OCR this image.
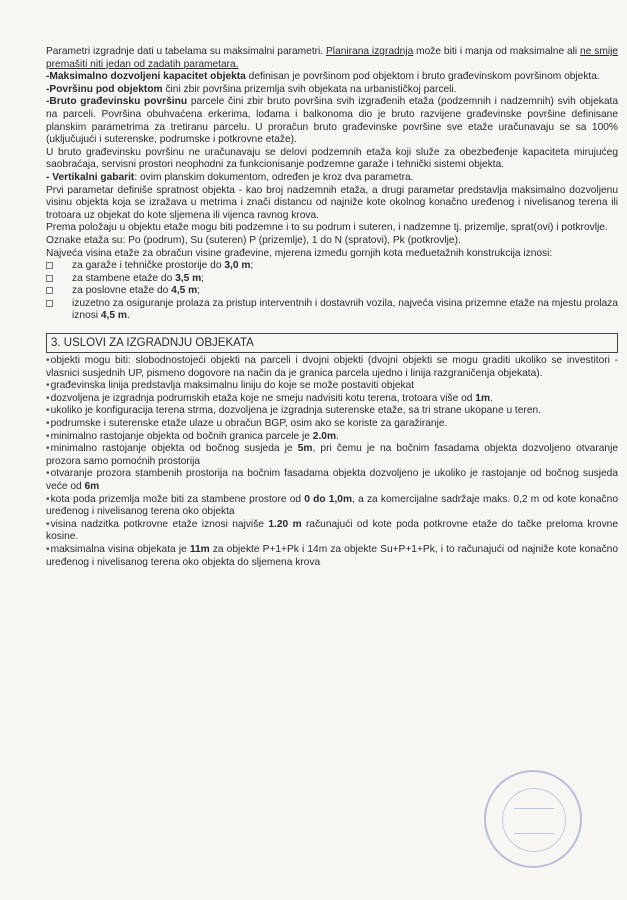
Parametri izgradnje dati u tabelama su maksimalni parametri. Planirana izgradnja može biti i manja od maksimalne ali ne smije premašiti niti jedan od zadatih parametara.

-Maksimalno dozvoljeni kapacitet objekta definisan je površinom pod objektom i bruto građevinskom površinom objekta.

-Površinu pod objektom čini zbir površina prizemlja svih objekata na urbanističkoj parceli.

-Bruto građevinsku površinu parcele čini zbir bruto površina svih izgrađenih etaža (podzemnih i nadzemnih) svih objekata na parceli. Površina obuhvaćena erkerima, lođama i balkonoma dio je bruto razvijene građevinske površine definisane planskim parametrima za tretiranu parcelu. U proračun bruto građevinske površine sve etaže uračunavaju se sa 100% (uključujući i suterenske, podrumske i potkrovne etaže).

U bruto građevinsku površinu ne uračunavaju se delovi podzemnih etaža koji služe za obezbeđenje kapaciteta mirujućeg saobraćaja, servisni prostori neophodni za funkcionisanje podzemne garaže i tehnički sistemi objekta.

- Vertikalni gabarit: ovim planskim dokumentom, određen je kroz dva parametra.

Prvi parametar definiše spratnost objekta - kao broj nadzemnih etaža, a drugi parametar predstavlja maksimalno dozvoljenu visinu objekta koja se izražava u metrima i znači distancu od najniže kote okolnog konačno uređenog i nivelisanog terena ili trotoara uz objekat do kote sljemena ili vijenca ravnog krova.

Prema položaju u objektu etaže mogu biti podzemne i to su podrum i suteren, i nadzemne tj. prizemlje, sprat(ovi) i potkrovlje.

Oznake etaža su: Po (podrum), Su (suteren) P (prizemlje), 1 do N (spratovi), Pk (potkrovlje).

Najveća visina etaže za obračun visine građevine, mjerena između gornjih kota međuetažnih konstrukcija iznosi:

za garaže i tehničke prostorije do 3,0 m;
za stambene etaže do 3,5 m;
za poslovne etaže do 4,5 m;
izuzetno za osiguranje prolaza za pristup interventnih i dostavnih vozila, najveća visina prizemne etaže na mjestu prolaza iznosi 4,5 m.
3. USLOVI ZA IZGRADNJU OBJEKATA
•objekti mogu biti: slobodnostojeći objekti na parceli i dvojni objekti (dvojni objekti se mogu graditi ukoliko se investitori - vlasnici susjednih UP, pismeno dogovore na način da je granica parcela ujedno i linija razgraničenja objekata).
•građevinska linija predstavlja maksimalnu liniju do koje se može postaviti objekat
•dozvoljena je izgradnja podrumskih etaža koje ne smeju nadvisiti kotu terena, trotoara više od 1m.
•ukoliko je konfiguracija terena strma, dozvoljena je izgradnja suterenske etaže, sa tri strane ukopane u teren.
•podrumske i suterenske etaže ulaze u obračun BGP, osim ako se koriste za garažiranje.
•minimalno rastojanje objekta od bočnih granica parcele je 2.0m.
•minimalno rastojanje objekta od bočnog susjeda je 5m, pri čemu je na bočnim fasadama objekta dozvoljeno otvaranje prozora samo pomoćnih prostorija
•otvaranje prozora stambenih prostorija na bočnim fasadama objekta dozvoljeno je ukoliko je rastojanje od bočnog susjeda veće od 6m
•kota poda prizemlja može biti za stambene prostore od 0 do 1,0m, a za komercijalne sadržaje maks. 0,2 m od kote konačno uređenog i nivelisanog terena oko objekta
•visina nadzitka potkrovne etaže iznosi najviše 1.20 m računajući od kote poda potkrovne etaže do tačke preloma krovne kosine.
•maksimalna visina objekata je 11m za objekte P+1+Pk i 14m za objekte Su+P+1+Pk, i to računajući od najniže kote konačno uređenog i nivelisanog terena oko objekta do sljemena krova
